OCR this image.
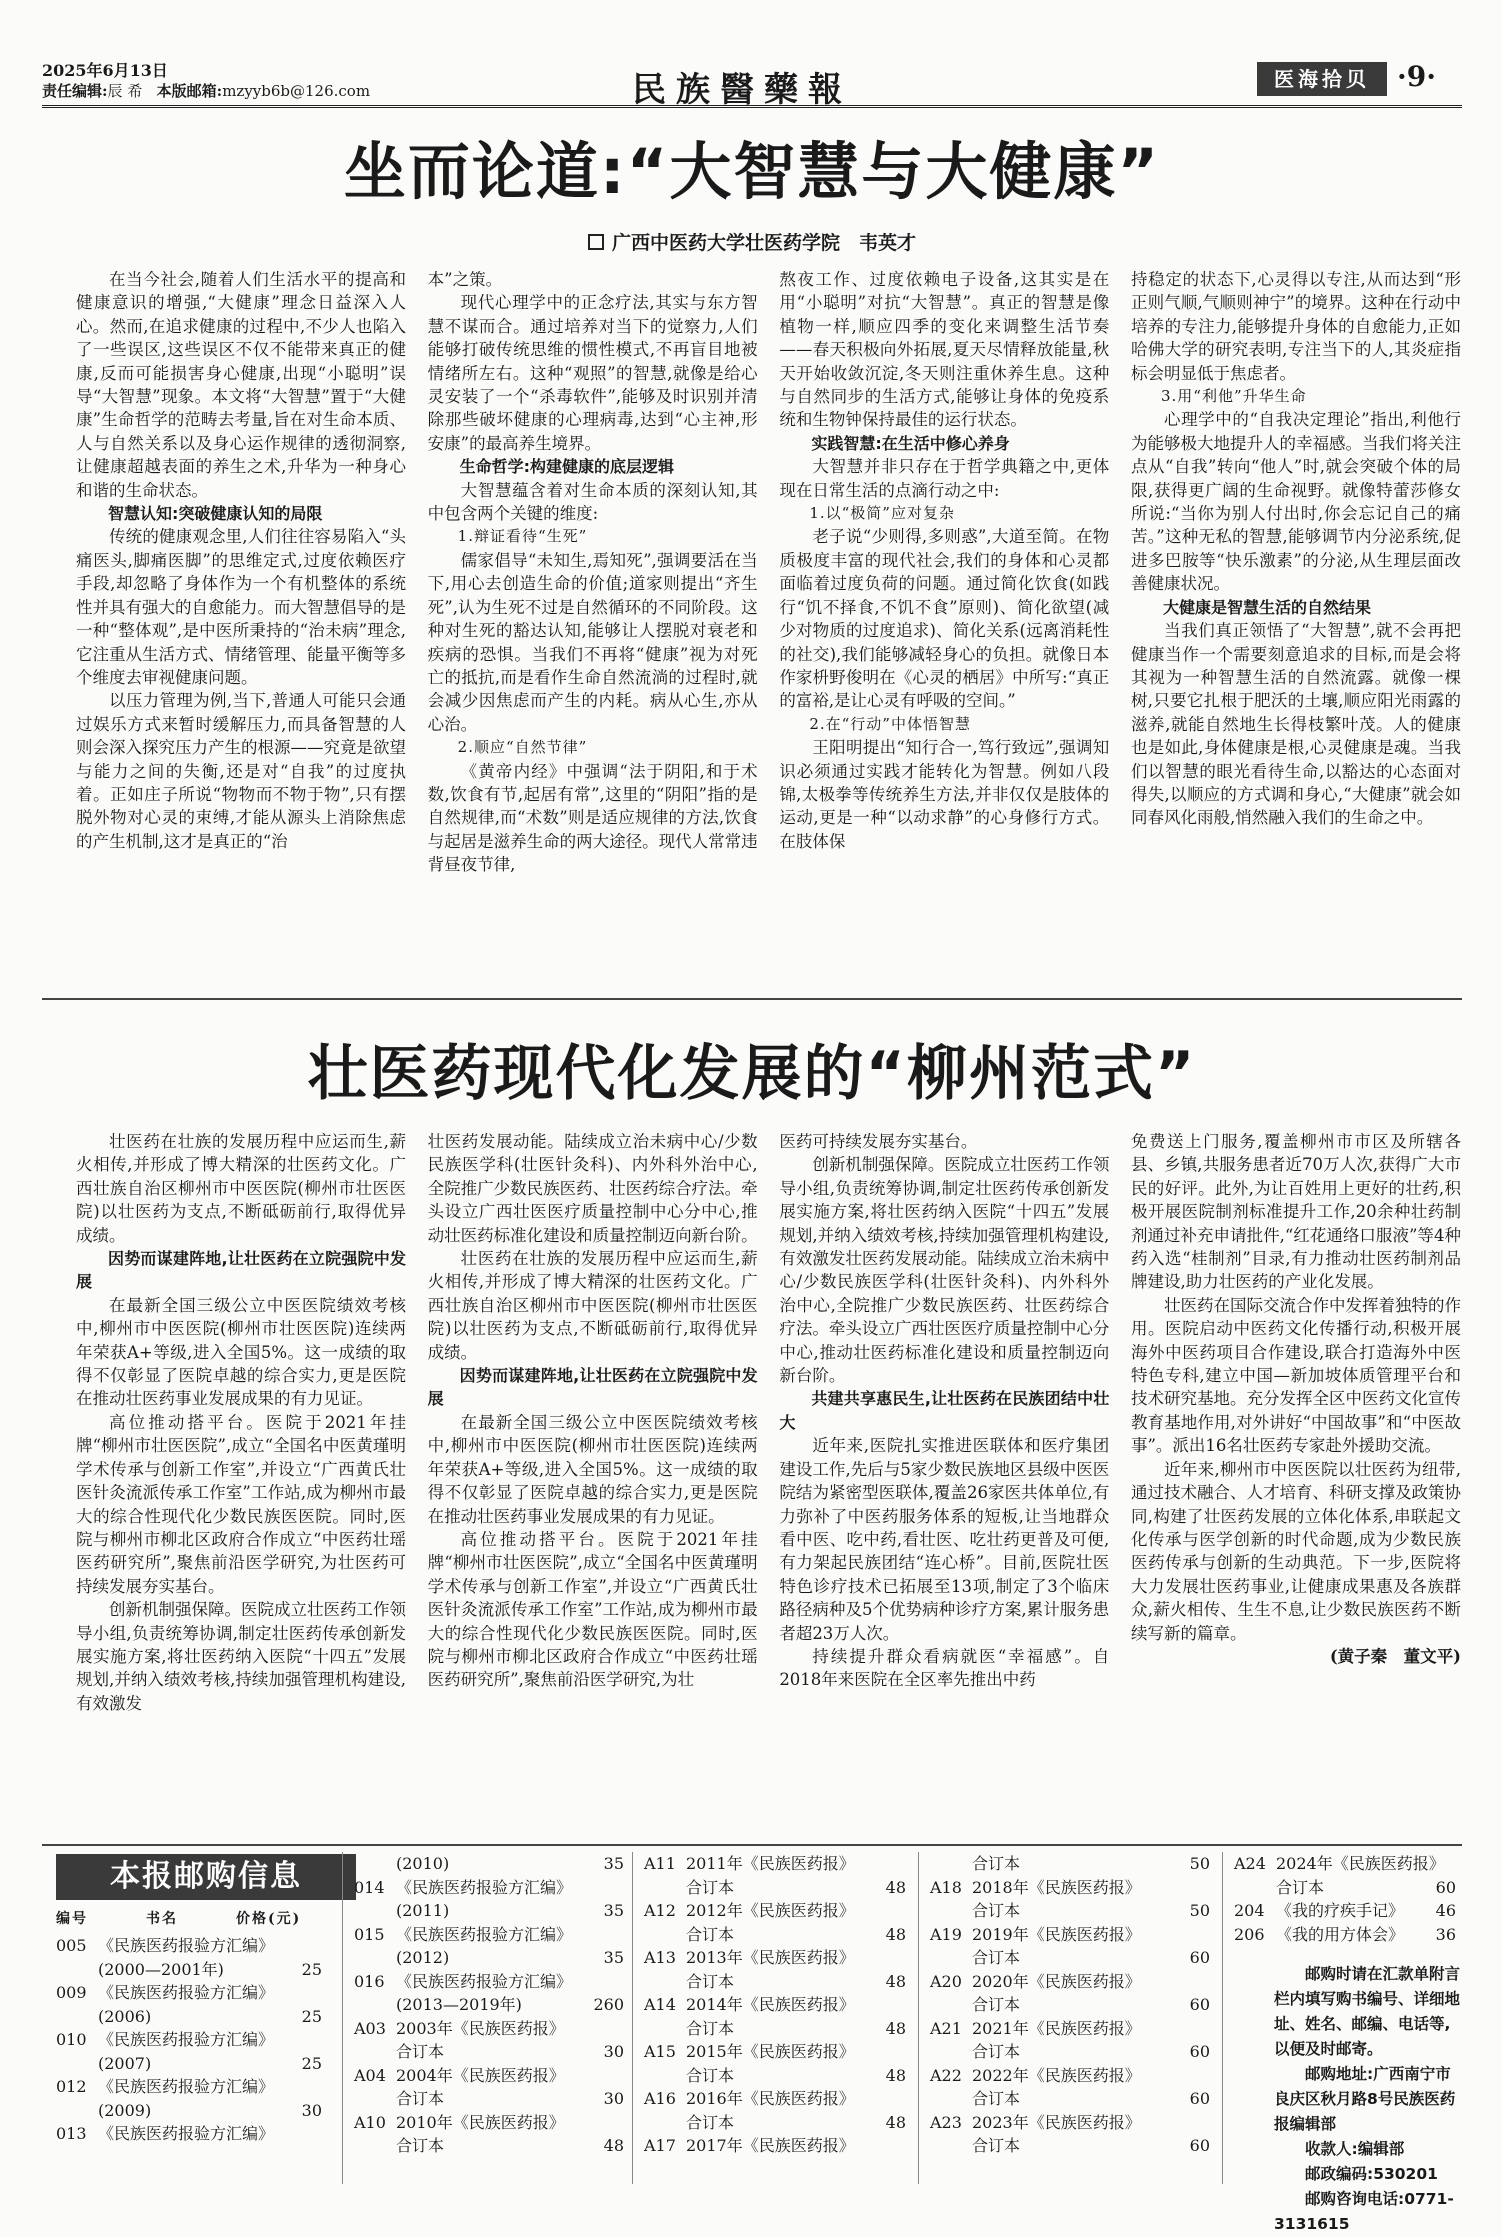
2025年6月13日
责任编辑:辰 希 本版邮箱:mzyyb6b@126.com	民族醫藥報	医海拾贝 ·9·
坐而论道:“大智慧与大健康”
广西中医药大学壮医药学院　韦英才
在当今社会,随着人们生活水平的提高和健康意识的增强,“大健康”理念日益深入人心。然而,在追求健康的过程中,不少人也陷入了一些误区,这些误区不仅不能带来真正的健康,反而可能损害身心健康,出现“小聪明”误导“大智慧”现象。本文将“大智慧”置于“大健康”生命哲学的范畴去考量,旨在对生命本质、人与自然关系以及身心运作规律的透彻洞察,让健康超越表面的养生之术,升华为一种身心和谐的生命状态。
智慧认知:突破健康认知的局限
传统的健康观念里,人们往往容易陷入“头痛医头,脚痛医脚”的思维定式,过度依赖医疗手段,却忽略了身体作为一个有机整体的系统性并具有强大的自愈能力。而大智慧倡导的是一种“整体观”,是中医所秉持的“治未病”理念,它注重从生活方式、情绪管理、能量平衡等多个维度去审视健康问题。
以压力管理为例,当下,普通人可能只会通过娱乐方式来暂时缓解压力,而具备智慧的人则会深入探究压力产生的根源——究竟是欲望与能力之间的失衡,还是对“自我”的过度执着。正如庄子所说“物物而不物于物”,只有摆脱外物对心灵的束缚,才能从源头上消除焦虑的产生机制,这才是真正的“治
本”之策。
现代心理学中的正念疗法,其实与东方智慧不谋而合。通过培养对当下的觉察力,人们能够打破传统思维的惯性模式,不再盲目地被情绪所左右。这种“观照”的智慧,就像是给心灵安装了一个“杀毒软件”,能够及时识别并清除那些破坏健康的心理病毒,达到“心主神,形安康”的最高养生境界。
生命哲学:构建健康的底层逻辑
大智慧蕴含着对生命本质的深刻认知,其中包含两个关键的维度:
1.辩证看待“生死”
儒家倡导“未知生,焉知死”,强调要活在当下,用心去创造生命的价值;道家则提出“齐生死”,认为生死不过是自然循环的不同阶段。这种对生死的豁达认知,能够让人摆脱对衰老和疾病的恐惧。当我们不再将“健康”视为对死亡的抵抗,而是看作生命自然流淌的过程时,就会减少因焦虑而产生的内耗。病从心生,亦从心治。
2.顺应“自然节律”
《黄帝内经》中强调“法于阴阳,和于术数,饮食有节,起居有常”,这里的“阴阳”指的是自然规律,而“术数”则是适应规律的方法,饮食与起居是滋养生命的两大途径。现代人常常违背昼夜节律,
熬夜工作、过度依赖电子设备,这其实是在用“小聪明”对抗“大智慧”。真正的智慧是像植物一样,顺应四季的变化来调整生活节奏——春天积极向外拓展,夏天尽情释放能量,秋天开始收敛沉淀,冬天则注重休养生息。这种与自然同步的生活方式,能够让身体的免疫系统和生物钟保持最佳的运行状态。
实践智慧:在生活中修心养身
大智慧并非只存在于哲学典籍之中,更体现在日常生活的点滴行动之中:
1.以“极简”应对复杂
老子说“少则得,多则惑”,大道至简。在物质极度丰富的现代社会,我们的身体和心灵都面临着过度负荷的问题。通过简化饮食(如践行“饥不择食,不饥不食”原则)、简化欲望(减少对物质的过度追求)、简化关系(远离消耗性的社交),我们能够减轻身心的负担。就像日本作家枡野俊明在《心灵的栖居》中所写:“真正的富裕,是让心灵有呼吸的空间。”
2.在“行动”中体悟智慧
王阳明提出“知行合一,笃行致远”,强调知识必须通过实践才能转化为智慧。例如八段锦,太极拳等传统养生方法,并非仅仅是肢体的运动,更是一种“以动求静”的心身修行方式。在肢体保
持稳定的状态下,心灵得以专注,从而达到“形正则气顺,气顺则神宁”的境界。这种在行动中培养的专注力,能够提升身体的自愈能力,正如哈佛大学的研究表明,专注当下的人,其炎症指标会明显低于焦虑者。
3.用“利他”升华生命
心理学中的“自我决定理论”指出,利他行为能够极大地提升人的幸福感。当我们将关注点从“自我”转向“他人”时,就会突破个体的局限,获得更广阔的生命视野。就像特蕾莎修女所说:“当你为别人付出时,你会忘记自己的痛苦。”这种无私的智慧,能够调节内分泌系统,促进多巴胺等“快乐激素”的分泌,从生理层面改善健康状况。
大健康是智慧生活的自然结果
当我们真正领悟了“大智慧”,就不会再把健康当作一个需要刻意追求的目标,而是会将其视为一种智慧生活的自然流露。就像一棵树,只要它扎根于肥沃的土壤,顺应阳光雨露的滋养,就能自然地生长得枝繁叶茂。人的健康也是如此,身体健康是根,心灵健康是魂。当我们以智慧的眼光看待生命,以豁达的心态面对得失,以顺应的方式调和身心,“大健康”就会如同春风化雨般,悄然融入我们的生命之中。
壮医药现代化发展的“柳州范式”
壮医药在壮族的发展历程中应运而生,薪火相传,并形成了博大精深的壮医药文化。广西壮族自治区柳州市中医医院(柳州市壮医医院)以壮医药为支点,不断砥砺前行,取得优异成绩。
因势而谋建阵地,让壮医药在立院强院中发展
在最新全国三级公立中医医院绩效考核中,柳州市中医医院(柳州市壮医医院)连续两年荣获A+等级,进入全国5%。这一成绩的取得不仅彰显了医院卓越的综合实力,更是医院在推动壮医药事业发展成果的有力见证。
高位推动搭平台。医院于2021年挂牌“柳州市壮医医院”,成立“全国名中医黄瑾明学术传承与创新工作室”,并设立“广西黄氏壮医针灸流派传承工作室”工作站,成为柳州市最大的综合性现代化少数民族医医院。同时,医院与柳州市柳北区政府合作成立“中医药壮瑶医药研究所”,聚焦前沿医学研究,为壮医药可持续发展夯实基台。
创新机制强保障。医院成立壮医药工作领导小组,负责统筹协调,制定壮医药传承创新发展实施方案,将壮医药纳入医院“十四五”发展规划,并纳入绩效考核,持续加强管理机构建设,有效激发
壮医药发展动能。陆续成立治未病中心/少数民族医学科(壮医针灸科)、内外科外治中心,全院推广少数民族医药、壮医药综合疗法。牵头设立广西壮医医疗质量控制中心分中心,推动壮医药标准化建设和质量控制迈向新台阶。
壮医药在壮族的发展历程中应运而生,薪火相传,并形成了博大精深的壮医药文化。广西壮族自治区柳州市中医医院(柳州市壮医医院)以壮医药为支点,不断砥砺前行,取得优异成绩。
因势而谋建阵地,让壮医药在立院强院中发展
在最新全国三级公立中医医院绩效考核中,柳州市中医医院(柳州市壮医医院)连续两年荣获A+等级,进入全国5%。这一成绩的取得不仅彰显了医院卓越的综合实力,更是医院在推动壮医药事业发展成果的有力见证。
高位推动搭平台。医院于2021年挂牌“柳州市壮医医院”,成立“全国名中医黄瑾明学术传承与创新工作室”,并设立“广西黄氏壮医针灸流派传承工作室”工作站,成为柳州市最大的综合性现代化少数民族医医院。同时,医院与柳州市柳北区政府合作成立“中医药壮瑶医药研究所”,聚焦前沿医学研究,为壮
医药可持续发展夯实基台。
创新机制强保障。医院成立壮医药工作领导小组,负责统筹协调,制定壮医药传承创新发展实施方案,将壮医药纳入医院“十四五”发展规划,并纳入绩效考核,持续加强管理机构建设,有效激发壮医药发展动能。陆续成立治未病中心/少数民族医学科(壮医针灸科)、内外科外治中心,全院推广少数民族医药、壮医药综合疗法。牵头设立广西壮医医疗质量控制中心分中心,推动壮医药标准化建设和质量控制迈向新台阶。
共建共享惠民生,让壮医药在民族团结中壮大
近年来,医院扎实推进医联体和医疗集团建设工作,先后与5家少数民族地区县级中医医院结为紧密型医联体,覆盖26家医共体单位,有力弥补了中医药服务体系的短板,让当地群众看中医、吃中药,看壮医、吃壮药更普及可便,有力架起民族团结“连心桥”。目前,医院壮医特色诊疗技术已拓展至13项,制定了3个临床路径病种及5个优势病种诊疗方案,累计服务患者超23万人次。
持续提升群众看病就医“幸福感”。自2018年来医院在全区率先推出中药
免费送上门服务,覆盖柳州市市区及所辖各县、乡镇,共服务患者近70万人次,获得广大市民的好评。此外,为让百姓用上更好的壮药,积极开展医院制剂标准提升工作,20余种壮药制剂通过补充申请批件,“红花通络口服液”等4种药入选“桂制剂”目录,有力推动壮医药制剂品牌建设,助力壮医药的产业化发展。
壮医药在国际交流合作中发挥着独特的作用。医院启动中医药文化传播行动,积极开展海外中医药项目合作建设,联合打造海外中医特色专科,建立中国—新加坡体质管理平台和技术研究基地。充分发挥全区中医药文化宣传教育基地作用,对外讲好“中国故事”和“中医故事”。派出16名壮医药专家赴外援助交流。
近年来,柳州市中医医院以壮医药为纽带,通过技术融合、人才培育、科研支撑及政策协同,构建了壮医药发展的立体化体系,串联起文化传承与医学创新的时代命题,成为少数民族医药传承与创新的生动典范。下一步,医院将大力发展壮医药事业,让健康成果惠及各族群众,薪火相传、生生不息,让少数民族医药不断续写新的篇章。
(黄子秦　董文平)
本报邮购信息
编号	书名	价格(元)
005 《民族医药报验方汇编》
(2000—2001年)	25
009 《民族医药报验方汇编》
(2006)	25
010 《民族医药报验方汇编》
(2007)	25
012 《民族医药报验方汇编》
(2009)	30
013 《民族医药报验方汇编》
(2010)	35
014 《民族医药报验方汇编》
(2011)	35
015 《民族医药报验方汇编》
(2012)	35
016 《民族医药报验方汇编》
(2013—2019年)	260
A03 2003年《民族医药报》
合订本	30
A04 2004年《民族医药报》
合订本	30
A10 2010年《民族医药报》
合订本	48
A11 2011年《民族医药报》
合订本	48
A12 2012年《民族医药报》
合订本	48
A13 2013年《民族医药报》
合订本	48
A14 2014年《民族医药报》
合订本	48
A15 2015年《民族医药报》
合订本	48
A16 2016年《民族医药报》
合订本	48
A17 2017年《民族医药报》
合订本	50
A18 2018年《民族医药报》
合订本	50
A19 2019年《民族医药报》
合订本	60
A20 2020年《民族医药报》
合订本	60
A21 2021年《民族医药报》
合订本	60
A22 2022年《民族医药报》
合订本	60
A23 2023年《民族医药报》
合订本	60
A24 2024年《民族医药报》
合订本	60
204 《我的疗疾手记》 46
206 《我的用方体会》 36
邮购时请在汇款单附言栏内填写购书编号、详细地址、姓名、邮编、电话等,以便及时邮寄。
邮购地址:广西南宁市良庆区秋月路8号民族医药报编辑部
收款人:编辑部
邮政编码:530201
邮购咨询电话:0771-3131615
